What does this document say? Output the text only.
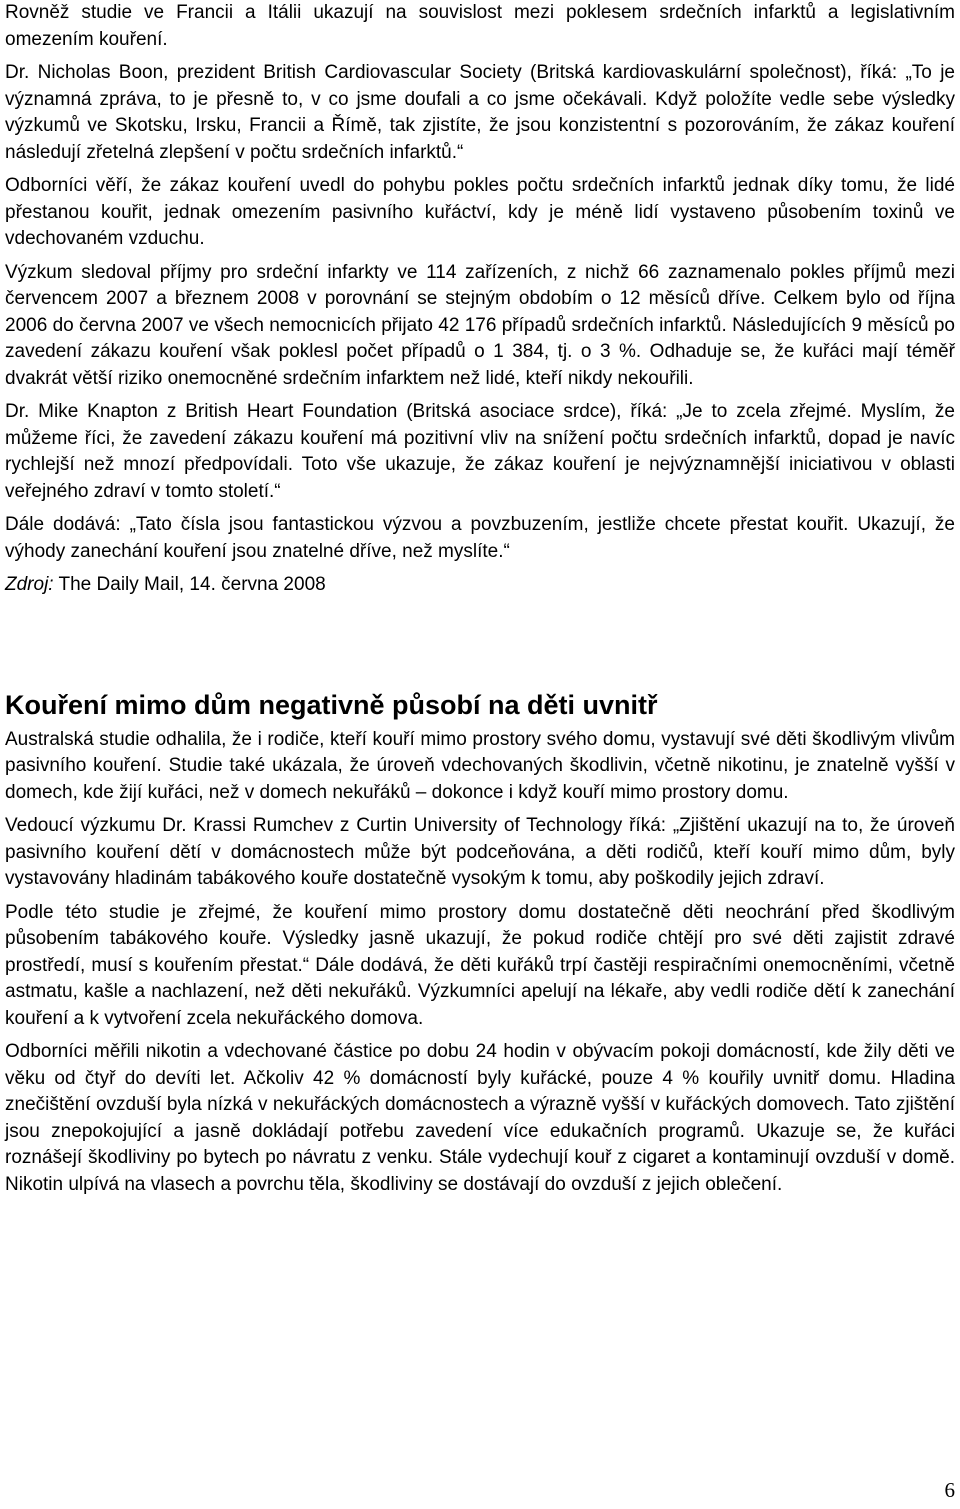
Rovněž studie ve Francii a Itálii ukazují na souvislost mezi poklesem srdečních infarktů a legislativním omezením kouření.

Dr. Nicholas Boon, prezident British Cardiovascular Society (Britská kardiovaskulární společnost), říká: „To je významná zpráva, to je přesně to, v co jsme doufali a co jsme očekávali. Když položíte vedle sebe výsledky výzkumů ve Skotsku, Irsku, Francii a Římě, tak zjistíte, že jsou konzistentní s pozorováním, že zákaz kouření následují zřetelná zlepšení v počtu srdečních infarktů.“

Odborníci věří, že zákaz kouření uvedl do pohybu pokles počtu srdečních infarktů jednak díky tomu, že lidé přestanou kouřit, jednak omezením pasivního kuřáctví, kdy je méně lidí vystaveno působením toxinů ve vdechovaném vzduchu.

Výzkum sledoval příjmy pro srdeční infarkty ve 114 zařízeních, z nichž 66 zaznamenalo pokles příjmů mezi červencem 2007 a březnem 2008 v porovnání se stejným obdobím o 12 měsíců dříve. Celkem bylo od října 2006 do června 2007 ve všech nemocnicích přijato 42 176 případů srdečních infarktů. Následujících 9 měsíců po zavedení zákazu kouření však poklesl počet případů o 1 384, tj. o 3 %. Odhaduje se, že kuřáci mají téměř dvakrát větší riziko onemocněné srdečním infarktem než lidé, kteří nikdy nekouřili.

Dr. Mike Knapton z British Heart Foundation (Britská asociace srdce), říká: „Je to zcela zřejmé. Myslím, že můžeme říci, že zavedení zákazu kouření má pozitivní vliv na snížení počtu srdečních infarktů, dopad je navíc rychlejší než mnozí předpovídali. Toto vše ukazuje, že zákaz kouření je nejvýznamnější iniciativou v oblasti veřejného zdraví v tomto století.“

Dále dodává: „Tato čísla jsou fantastickou výzvou a povzbuzením, jestliže chcete přestat kouřit. Ukazují, že výhody zanechání kouření jsou znatelné dříve, než myslíte.“

Zdroj: The Daily Mail, 14. června 2008

Kouření mimo dům negativně působí na děti uvnitř

Australská studie odhalila, že i rodiče, kteří kouří mimo prostory svého domu, vystavují své děti škodlivým vlivům pasivního kouření. Studie také ukázala, že úroveň vdechovaných škodlivin, včetně nikotinu, je znatelně vyšší v domech, kde žijí kuřáci, než v domech nekuřáků – dokonce i když kouří mimo prostory domu.

Vedoucí výzkumu Dr. Krassi Rumchev z Curtin University of Technology říká: „Zjištění ukazují na to, že úroveň pasivního kouření dětí v domácnostech může být podceňována, a děti rodičů, kteří kouří mimo dům, byly vystavovány hladinám tabákového kouře dostatečně vysokým k tomu, aby poškodily jejich zdraví.

Podle této studie je zřejmé, že kouření mimo prostory domu dostatečně děti neochrání před škodlivým působením tabákového kouře. Výsledky jasně ukazují, že pokud rodiče chtějí pro své děti zajistit zdravé prostředí, musí s kouřením přestat.“ Dále dodává, že děti kuřáků trpí častěji respiračními onemocněními, včetně astmatu, kašle a nachlazení, než děti nekuřáků. Výzkumníci apelují na lékaře, aby vedli rodiče dětí k zanechání kouření a k vytvoření zcela nekuřáckého domova.

Odborníci měřili nikotin a vdechované částice po dobu 24 hodin v obývacím pokoji domácností, kde žily děti ve věku od čtyř do devíti let. Ačkoliv 42 % domácností byly kuřácké, pouze 4 % kouřily uvnitř domu. Hladina znečištění ovzduší byla nízká v nekuřáckých domácnostech a výrazně vyšší v kuřáckých domovech. Tato zjištění jsou znepokojující a jasně dokládají potřebu zavedení více edukačních programů. Ukazuje se, že kuřáci roznášejí škodliviny po bytech po návratu z venku. Stále vydechují kouř z cigaret a kontaminují ovzduší v domě. Nikotin ulpívá na vlasech a povrchu těla, škodliviny se dostávají do ovzduší z jejich oblečení.

6
